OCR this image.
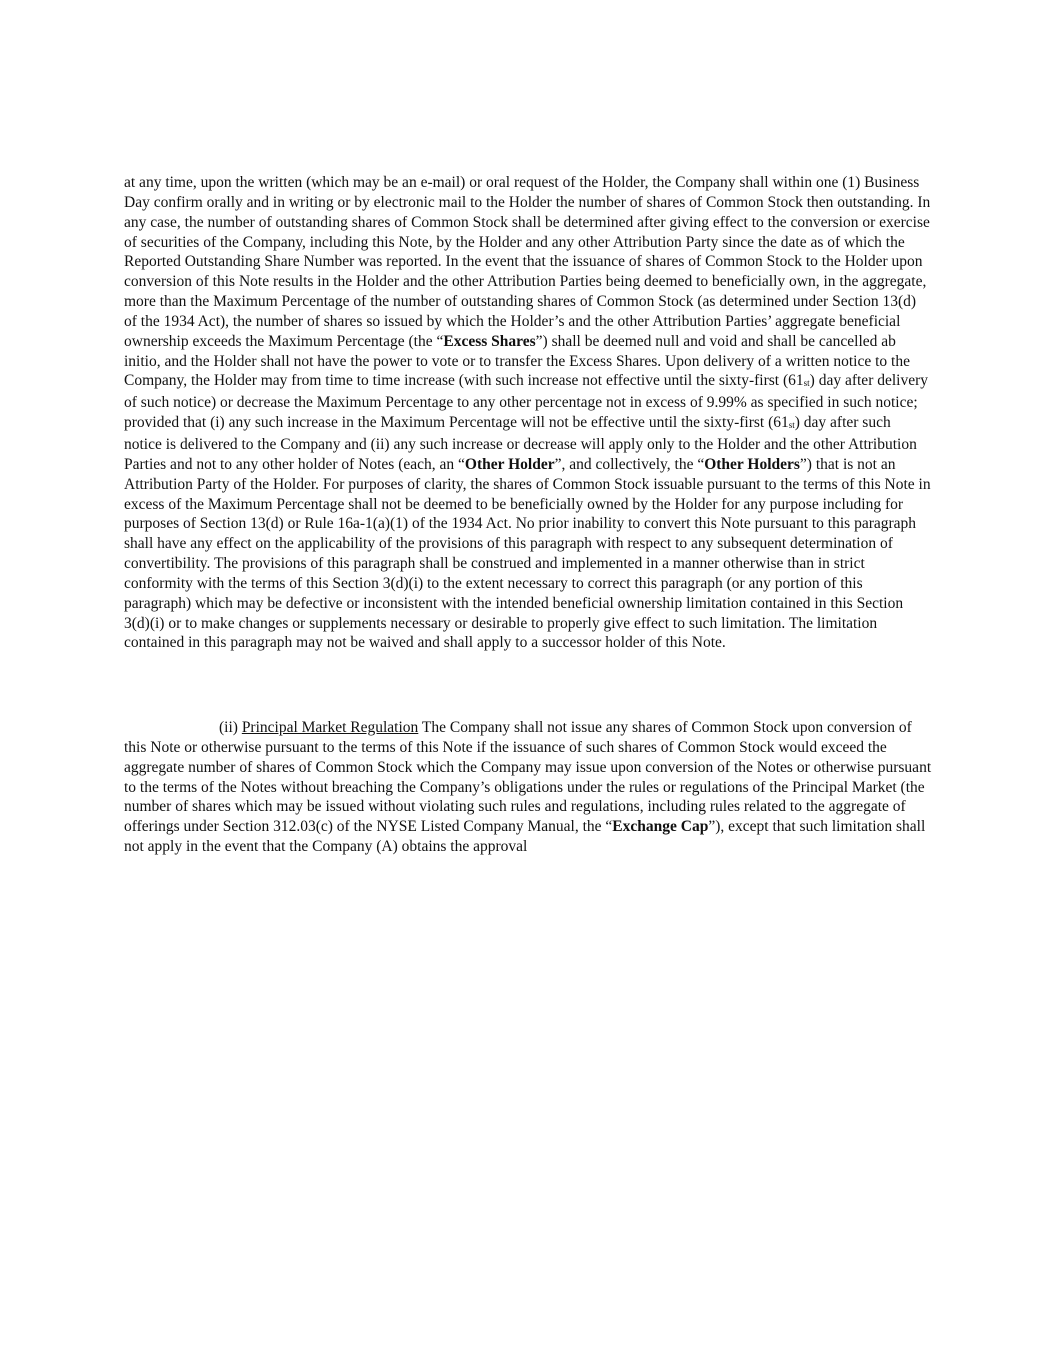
at any time, upon the written (which may be an e-mail) or oral request of the Holder, the Company shall within one (1) Business Day confirm orally and in writing or by electronic mail to the Holder the number of shares of Common Stock then outstanding. In any case, the number of outstanding shares of Common Stock shall be determined after giving effect to the conversion or exercise of securities of the Company, including this Note, by the Holder and any other Attribution Party since the date as of which the Reported Outstanding Share Number was reported. In the event that the issuance of shares of Common Stock to the Holder upon conversion of this Note results in the Holder and the other Attribution Parties being deemed to beneficially own, in the aggregate, more than the Maximum Percentage of the number of outstanding shares of Common Stock (as determined under Section 13(d) of the 1934 Act), the number of shares so issued by which the Holder’s and the other Attribution Parties’ aggregate beneficial ownership exceeds the Maximum Percentage (the “Excess Shares”) shall be deemed null and void and shall be cancelled ab initio, and the Holder shall not have the power to vote or to transfer the Excess Shares. Upon delivery of a written notice to the Company, the Holder may from time to time increase (with such increase not effective until the sixty-first (61st) day after delivery of such notice) or decrease the Maximum Percentage to any other percentage not in excess of 9.99% as specified in such notice; provided that (i) any such increase in the Maximum Percentage will not be effective until the sixty-first (61st) day after such notice is delivered to the Company and (ii) any such increase or decrease will apply only to the Holder and the other Attribution Parties and not to any other holder of Notes (each, an “Other Holder”, and collectively, the “Other Holders”) that is not an Attribution Party of the Holder. For purposes of clarity, the shares of Common Stock issuable pursuant to the terms of this Note in excess of the Maximum Percentage shall not be deemed to be beneficially owned by the Holder for any purpose including for purposes of Section 13(d) or Rule 16a-1(a)(1) of the 1934 Act. No prior inability to convert this Note pursuant to this paragraph shall have any effect on the applicability of the provisions of this paragraph with respect to any subsequent determination of convertibility. The provisions of this paragraph shall be construed and implemented in a manner otherwise than in strict conformity with the terms of this Section 3(d)(i) to the extent necessary to correct this paragraph (or any portion of this paragraph) which may be defective or inconsistent with the intended beneficial ownership limitation contained in this Section 3(d)(i) or to make changes or supplements necessary or desirable to properly give effect to such limitation. The limitation contained in this paragraph may not be waived and shall apply to a successor holder of this Note.
(ii) Principal Market Regulation The Company shall not issue any shares of Common Stock upon conversion of this Note or otherwise pursuant to the terms of this Note if the issuance of such shares of Common Stock would exceed the aggregate number of shares of Common Stock which the Company may issue upon conversion of the Notes or otherwise pursuant to the terms of the Notes without breaching the Company’s obligations under the rules or regulations of the Principal Market (the number of shares which may be issued without violating such rules and regulations, including rules related to the aggregate of offerings under Section 312.03(c) of the NYSE Listed Company Manual, the “Exchange Cap”), except that such limitation shall not apply in the event that the Company (A) obtains the approval
